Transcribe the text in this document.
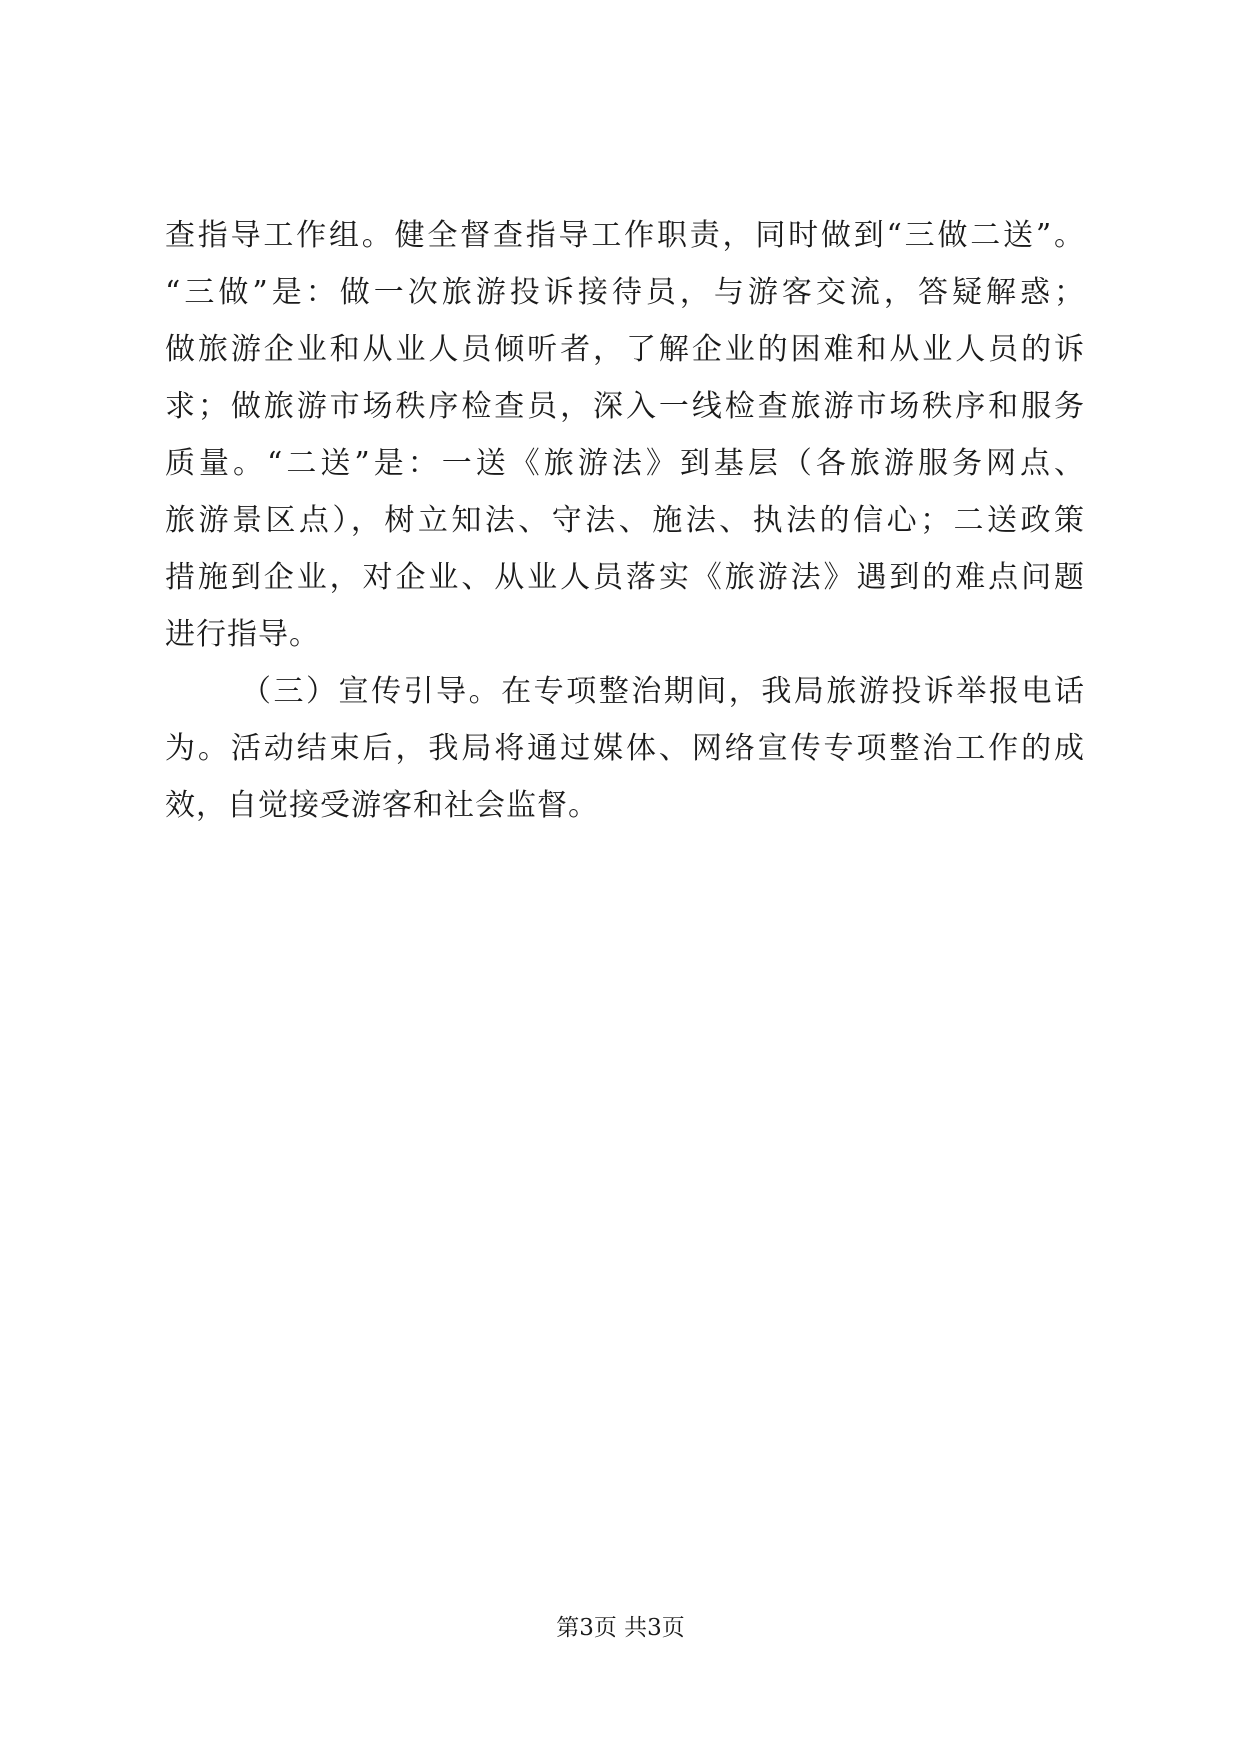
查指导工作组。健全督查指导工作职责，同时做到“三做二送”。
“三做”是：做一次旅游投诉接待员，与游客交流，答疑解惑；
做旅游企业和从业人员倾听者，了解企业的困难和从业人员的诉
求；做旅游市场秩序检查员，深入一线检查旅游市场秩序和服务
质量。“二送”是：一送《旅游法》到基层（各旅游服务网点、
旅游景区点），树立知法、守法、施法、执法的信心；二送政策
措施到企业，对企业、从业人员落实《旅游法》遇到的难点问题
进行指导。
（三）宣传引导。在专项整治期间，我局旅游投诉举报电话
为。活动结束后，我局将通过媒体、网络宣传专项整治工作的成
效，自觉接受游客和社会监督。
第3页 共3页
